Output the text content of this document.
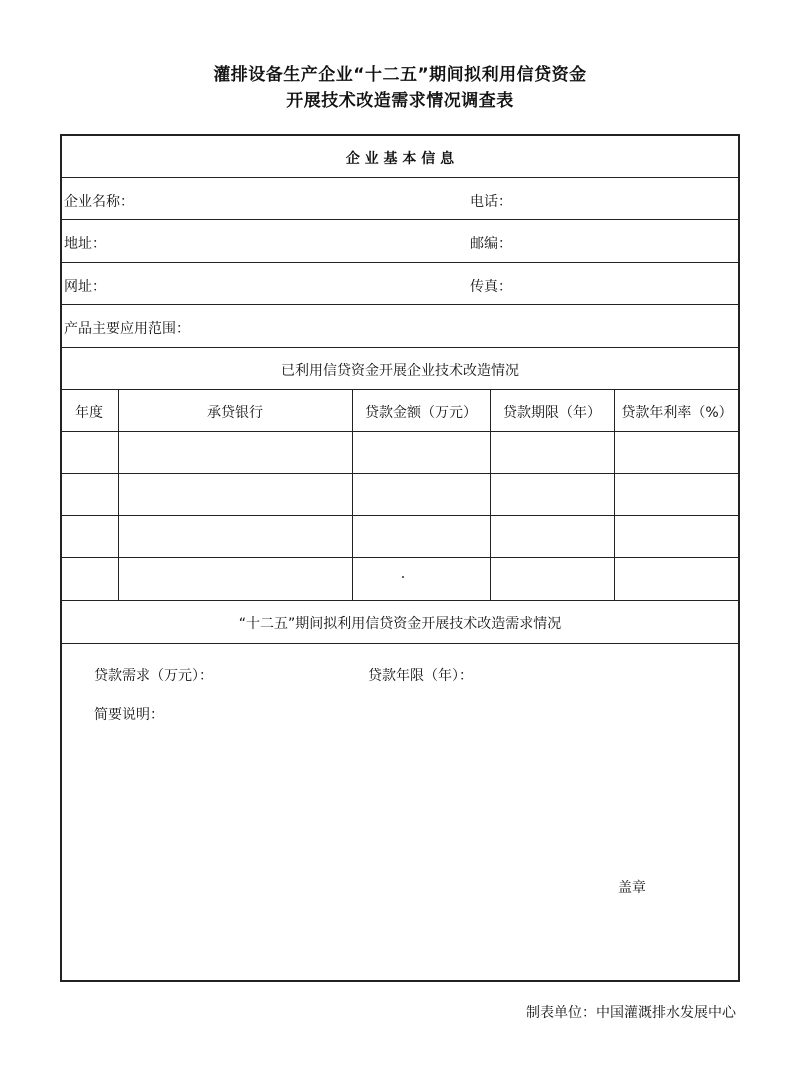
灌排设备生产企业“十二五”期间拟利用信贷资金
开展技术改造需求情况调查表
企 业 基 本 信 息
企业名称：	电话：
地址：	邮编：
网址：	传真：
产品主要应用范围：
已利用信贷资金开展企业技术改造情况
年度	承贷银行	贷款金额（万元）	贷款期限（年）	贷款年利率（%）
“十二五”期间拟利用信贷资金开展技术改造需求情况
贷款需求（万元）：	贷款年限（年）：
简要说明：
盖章
制表单位：中国灌溉排水发展中心
